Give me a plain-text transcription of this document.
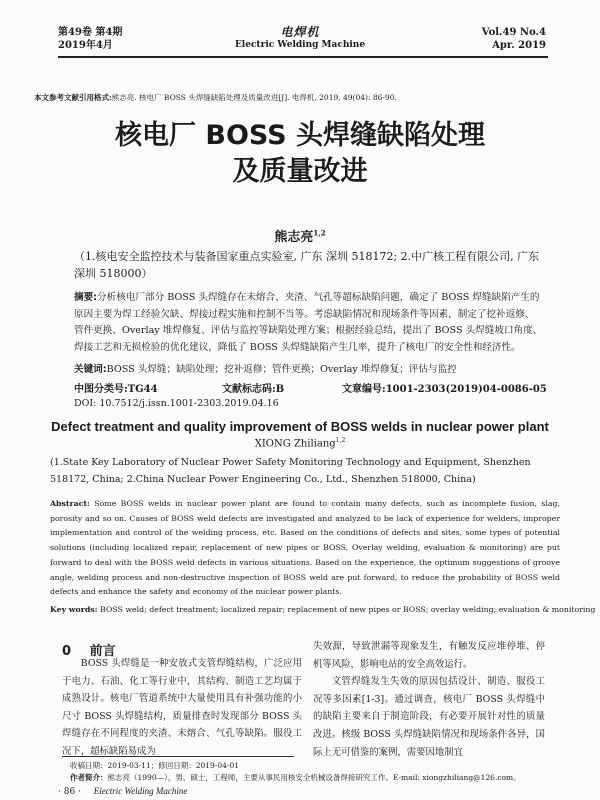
第49卷 第4期
2019年4月
电焊机
Electric Welding Machine
Vol.49 No.4
Apr. 2019
本文参考文献引用格式:熊志亮. 核电厂 BOSS 头焊缝缺陷处理及质量改进[J]. 电焊机, 2019, 49(04): 86-90.
核电厂 BOSS 头焊缝缺陷处理
及质量改进
熊志亮$^{1,2}$
（1.核电安全监控技术与装备国家重点实验室, 广东 深圳 518172; 2.中广核工程有限公司, 广东 深圳 518000）
摘要:分析核电厂部分 BOSS 头焊缝存在未熔合、夹渣、气孔等超标缺陷问题，确定了 BOSS 焊缝缺陷产生的原因主要为焊工经验欠缺、焊接过程实施和控制不当等。考虑缺陷情况和现场条件等因素，制定了挖补返修、管件更换、Overlay 堆焊修复、评估与监控等缺陷处理方案；根据经验总结，提出了 BOSS 头焊缝坡口角度、焊接工艺和无损检验的优化建议，降低了 BOSS 头焊缝缺陷产生几率，提升了核电厂的安全性和经济性。
关键词:BOSS 头焊缝；缺陷处理；挖补返修；管件更换；Overlay 堆焊修复；评估与监控
中图分类号:TG44	文献标志码:B	文章编号:1001-2303(2019)04-0086-05
DOI: 10.7512/j.issn.1001-2303.2019.04.16
Defect treatment and quality improvement of BOSS welds in nuclear power plant
XIONG Zhiliang$^{1,2}$
(1.State Key Laboratory of Nuclear Power Safety Monitoring Technology and Equipment, Shenzhen 518172, China; 2.China Nuclear Power Engineering Co., Ltd., Shenzhen 518000, China)
Abstract: Some BOSS welds in nuclear power plant are found to contain many defects, such as incomplete fusion, slag, porosity and so on. Causes of BOSS weld defects are investigated and analyzed to be lack of experience for welders, improper implementation and control of the welding process, etc. Based on the conditions of defects and sites, some types of potential solutions (including localized repair, replacement of new pipes or BOSS, Overlay welding, evaluation & monitoring) are put forward to deal with the BOSS weld defects in various situations. Based on the experience, the optimum suggestions of groove angle, welding process and non-destructive inspection of BOSS weld are put forward, to reduce the probability of BOSS weld defects and enhance the safety and economy of the nuclear power plants.
Key words: BOSS weld; defect treatment; localized repair; replacement of new pipes or BOSS; overlay welding; evaluation & monitoring
0 前言
BOSS 头焊缝是一种安放式支管焊缝结构，广泛应用于电力、石油、化工等行业中，其结构、制造工艺均属于成熟设计。核电厂管道系统中大量使用具有补强功能的小尺寸 BOSS 头焊缝结构，质量排查时发现部分 BOSS 头焊缝存在不同程度的夹渣、未熔合、气孔等缺陷。服役工况下，超标缺陷易成为
失效源，导致泄漏等现象发生，有触发反应堆停堆、停机等风险，影响电站的安全高效运行。
文管焊缝发生失效的原因包括设计、制造、服役工况等多因素[1-3]。通过调查，核电厂 BOSS 头焊缝中的缺陷主要来自于制造阶段，有必要开展针对性的质量改进。核级 BOSS 头焊缝缺陷情况和现场条件各异，国际上无可借鉴的案例，需要因地制宜
收稿日期：2019-03-11；修回日期：2019-04-01
作者简介：熊志亮（1990—），男，硕士，工程师，主要从事民用核安全机械设备焊接研究工作。E-mail: xiongzhiliang@126.com。
· 86 · Electric Welding Machine
